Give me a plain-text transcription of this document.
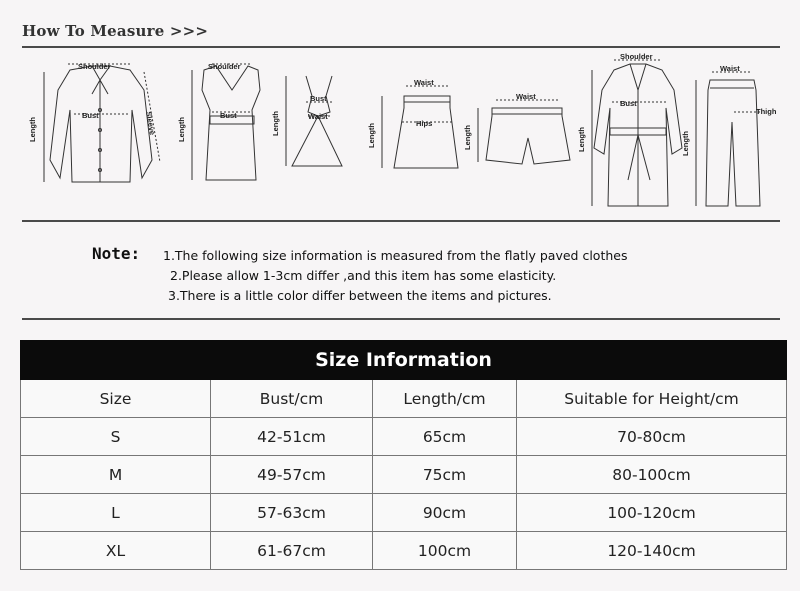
How To Measure >>>
Shoulder
Bust	Sleeve
Length
Shoulder
Bust
Length
Bust
Waist
Length
Waist
Hips
Length
Waist
Length
Shoulder
Bust
Length
Waist
Thigh
Length
Note: 1.The following size information is measured from the flatly paved clothes
2.Please allow 1-3cm differ ,and this item has some elasticity.
3.There is a little color differ between the items and pictures.
Size Information			
Size	Bust/cm	Length/cm	Suitable for Height/cm
S	42-51cm	65cm	70-80cm
M	49-57cm	75cm	80-100cm
L	57-63cm	90cm	100-120cm
XL	61-67cm	100cm	120-140cm
